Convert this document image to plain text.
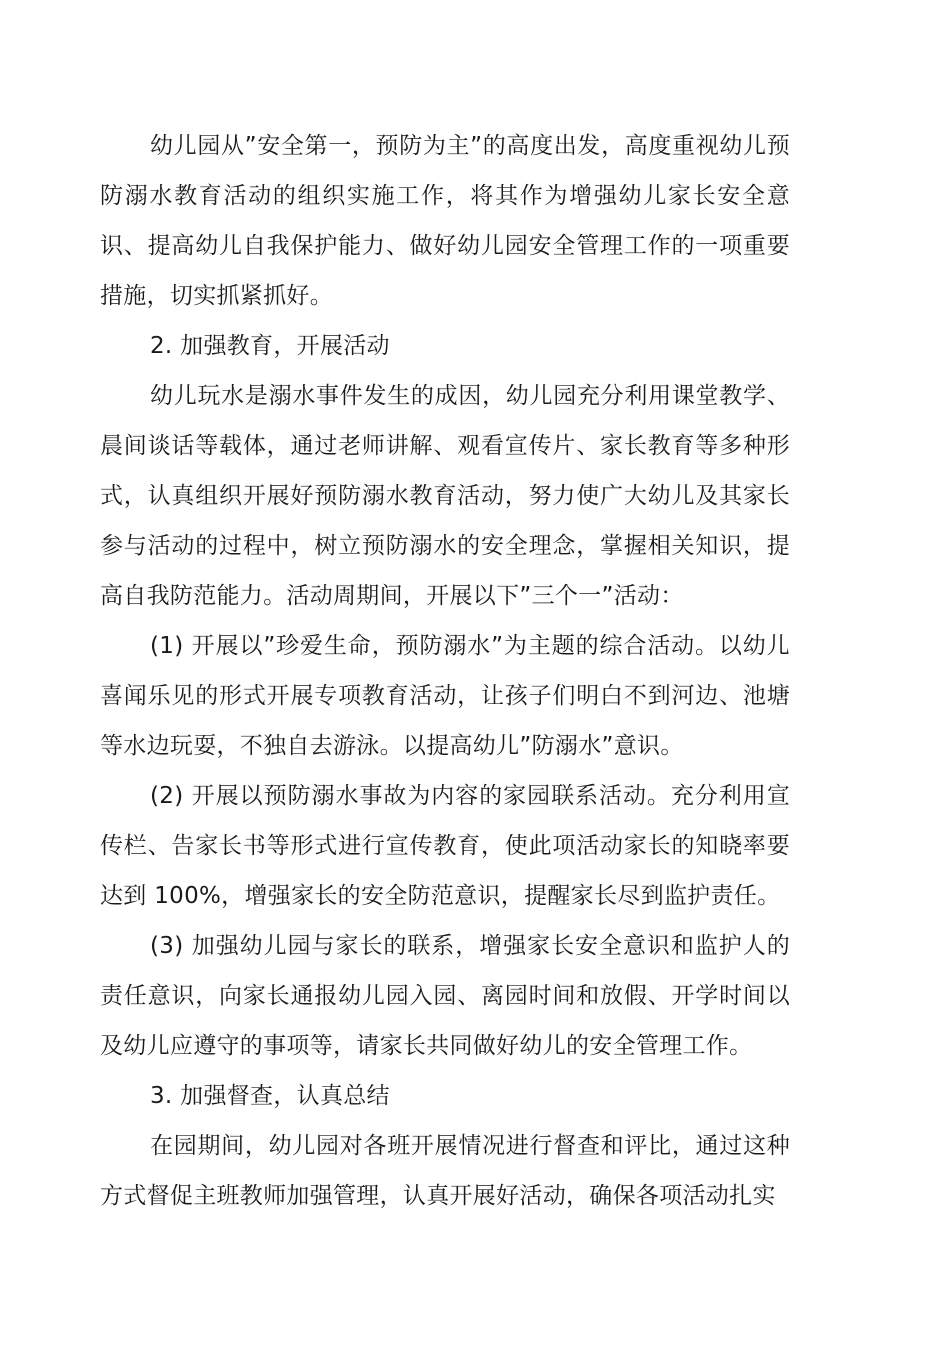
幼儿园从”安全第一，预防为主”的高度出发，高度重视幼儿预防溺水教育活动的组织实施工作，将其作为增强幼儿家长安全意识、提高幼儿自我保护能力、做好幼儿园安全管理工作的一项重要措施，切实抓紧抓好。

2. 加强教育，开展活动

幼儿玩水是溺水事件发生的成因，幼儿园充分利用课堂教学、晨间谈话等载体，通过老师讲解、观看宣传片、家长教育等多种形式，认真组织开展好预防溺水教育活动，努力使广大幼儿及其家长参与活动的过程中，树立预防溺水的安全理念，掌握相关知识，提高自我防范能力。活动周期间，开展以下”三个一”活动：

(1) 开展以”珍爱生命，预防溺水”为主题的综合活动。以幼儿喜闻乐见的形式开展专项教育活动，让孩子们明白不到河边、池塘等水边玩耍，不独自去游泳。以提高幼儿”防溺水”意识。

(2) 开展以预防溺水事故为内容的家园联系活动。充分利用宣传栏、告家长书等形式进行宣传教育，使此项活动家长的知晓率要达到 100%，增强家长的安全防范意识，提醒家长尽到监护责任。

(3) 加强幼儿园与家长的联系，增强家长安全意识和监护人的责任意识，向家长通报幼儿园入园、离园时间和放假、开学时间以及幼儿应遵守的事项等，请家长共同做好幼儿的安全管理工作。

3. 加强督查，认真总结

在园期间，幼儿园对各班开展情况进行督查和评比，通过这种方式督促主班教师加强管理，认真开展好活动，确保各项活动扎实
